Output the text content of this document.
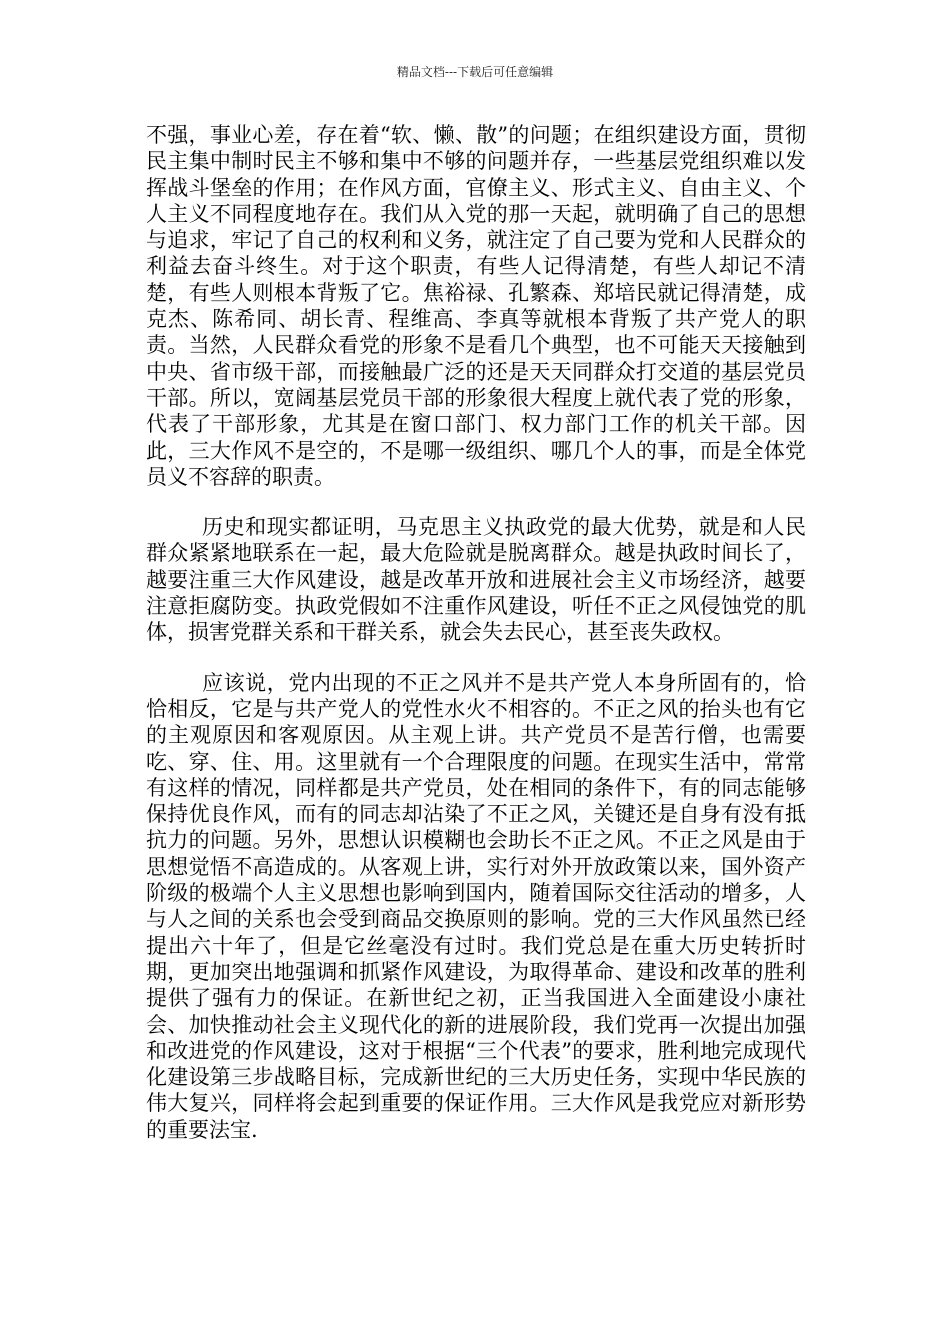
精品文档---下载后可任意编辑

不强，事业心差，存在着“软、懒、散”的问题；在组织建设方面，贯彻民主集中制时民主不够和集中不够的问题并存，一些基层党组织难以发挥战斗堡垒的作用；在作风方面，官僚主义、形式主义、自由主义、个人主义不同程度地存在。我们从入党的那一天起，就明确了自己的思想与追求，牢记了自己的权利和义务，就注定了自己要为党和人民群众的利益去奋斗终生。对于这个职责，有些人记得清楚，有些人却记不清楚，有些人则根本背叛了它。焦裕禄、孔繁森、郑培民就记得清楚，成克杰、陈希同、胡长青、程维高、李真等就根本背叛了共产党人的职责。当然，人民群众看党的形象不是看几个典型，也不可能天天接触到中央、省市级干部，而接触最广泛的还是天天同群众打交道的基层党员干部。所以，宽阔基层党员干部的形象很大程度上就代表了党的形象，代表了干部形象，尤其是在窗口部门、权力部门工作的机关干部。因此，三大作风不是空的，不是哪一级组织、哪几个人的事，而是全体党员义不容辞的职责。

历史和现实都证明，马克思主义执政党的最大优势，就是和人民群众紧紧地联系在一起，最大危险就是脱离群众。越是执政时间长了，越要注重三大作风建设，越是改革开放和进展社会主义市场经济，越要注意拒腐防变。执政党假如不注重作风建设，听任不正之风侵蚀党的肌体，损害党群关系和干群关系，就会失去民心，甚至丧失政权。

应该说，党内出现的不正之风并不是共产党人本身所固有的，恰恰相反，它是与共产党人的党性水火不相容的。不正之风的抬头也有它的主观原因和客观原因。从主观上讲。共产党员不是苦行僧，也需要吃、穿、住、用。这里就有一个合理限度的问题。在现实生活中，常常有这样的情况，同样都是共产党员，处在相同的条件下，有的同志能够保持优良作风，而有的同志却沾染了不正之风，关键还是自身有没有抵抗力的问题。另外，思想认识模糊也会助长不正之风。不正之风是由于思想觉悟不高造成的。从客观上讲，实行对外开放政策以来，国外资产阶级的极端个人主义思想也影响到国内，随着国际交往活动的增多，人与人之间的关系也会受到商品交换原则的影响。党的三大作风虽然已经提出六十年了，但是它丝毫没有过时。我们党总是在重大历史转折时期，更加突出地强调和抓紧作风建设，为取得革命、建设和改革的胜利提供了强有力的保证。在新世纪之初，正当我国进入全面建设小康社会、加快推动社会主义现代化的新的进展阶段，我们党再一次提出加强和改进党的作风建设，这对于根据“三个代表”的要求，胜利地完成现代化建设第三步战略目标，完成新世纪的三大历史任务，实现中华民族的伟大复兴，同样将会起到重要的保证作用。三大作风是我党应对新形势的重要法宝.
